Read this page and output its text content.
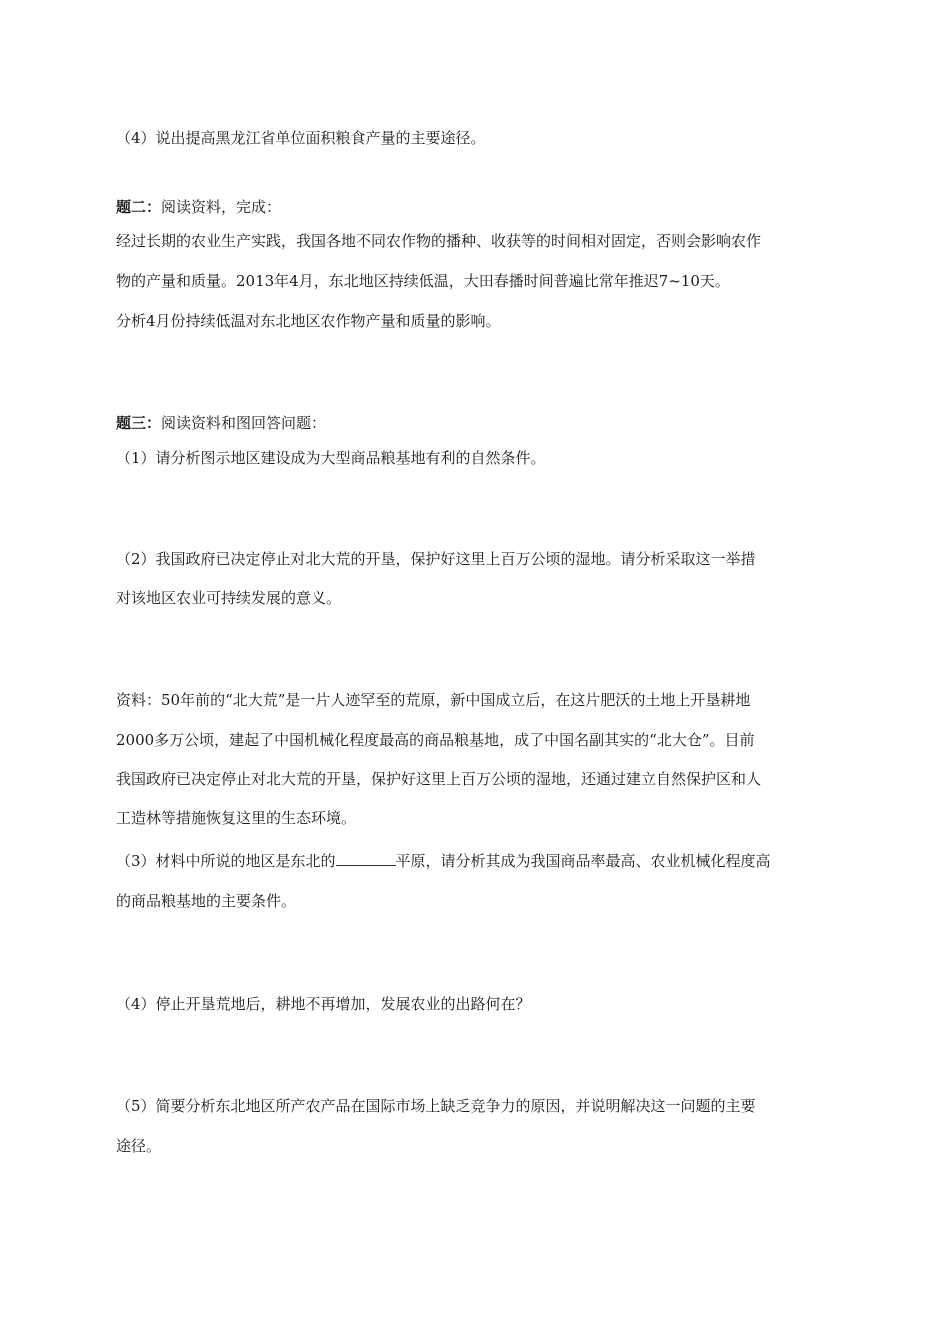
（4）说出提高黑龙江省单位面积粮食产量的主要途径。
题二：阅读资料，完成：
经过长期的农业生产实践，我国各地不同农作物的播种、收获等的时间相对固定，否则会影响农作
物的产量和质量。2013年4月，东北地区持续低温，大田春播时间普遍比常年推迟7~10天。
分析4月份持续低温对东北地区农作物产量和质量的影响。
题三：阅读资料和图回答问题：
（1）请分析图示地区建设成为大型商品粮基地有利的自然条件。
（2）我国政府已决定停止对北大荒的开垦，保护好这里上百万公顷的湿地。请分析采取这一举措
对该地区农业可持续发展的意义。
资料：50年前的“北大荒”是一片人迹罕至的荒原，新中国成立后，在这片肥沃的土地上开垦耕地
2000多万公顷，建起了中国机械化程度最高的商品粮基地，成了中国名副其实的“北大仓”。目前
我国政府已决定停止对北大荒的开垦，保护好这里上百万公顷的湿地，还通过建立自然保护区和人
工造林等措施恢复这里的生态环境。
（3）材料中所说的地区是东北的	平原，请分析其成为我国商品率最高、农业机械化程度高
的商品粮基地的主要条件。
（4）停止开垦荒地后，耕地不再增加，发展农业的出路何在？
（5）简要分析东北地区所产农产品在国际市场上缺乏竞争力的原因，并说明解决这一问题的主要
途径。
